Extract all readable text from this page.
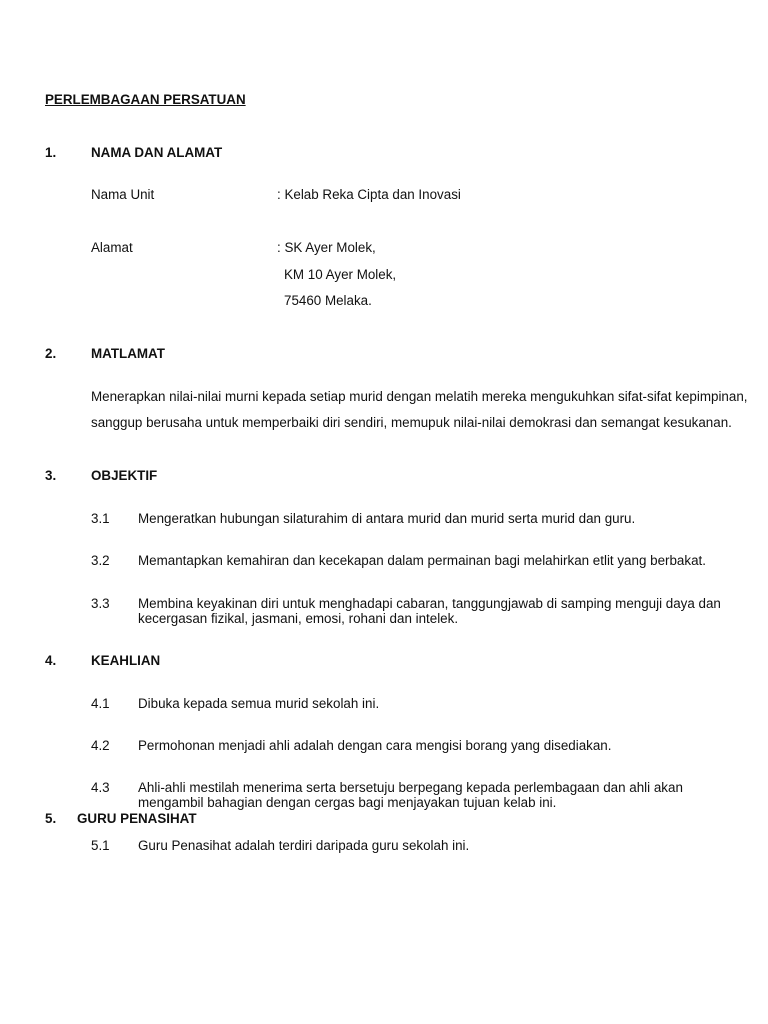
PERLEMBAGAAN PERSATUAN
1.	NAMA DAN ALAMAT
Nama Unit	: Kelab Reka Cipta dan Inovasi
Alamat	: SK Ayer Molek,
KM 10 Ayer Molek,
75460 Melaka.
2.	MATLAMAT
Menerapkan nilai-nilai murni kepada setiap murid dengan melatih mereka mengukuhkan sifat-sifat kepimpinan,
sanggup berusaha untuk memperbaiki diri sendiri, memupuk nilai-nilai demokrasi dan semangat kesukanan.
3.	OBJEKTIF
3.1 Mengeratkan hubungan silaturahim di antara murid dan murid serta murid dan guru.
3.2 Memantapkan kemahiran dan kecekapan dalam permainan bagi melahirkan etlit yang berbakat.
3.3 Membina keyakinan diri untuk menghadapi cabaran, tanggungjawab di samping menguji daya dan
kecergasan fizikal, jasmani, emosi, rohani dan intelek.
4.	KEAHLIAN
4.1 Dibuka kepada semua murid sekolah ini.
4.2 Permohonan menjadi ahli adalah dengan cara mengisi borang yang disediakan.
4.3 Ahli-ahli mestilah menerima serta bersetuju berpegang kepada perlembagaan dan ahli akan
mengambil bahagian dengan cergas bagi menjayakan tujuan kelab ini.
5. GURU PENASIHAT
5.1 Guru Penasihat adalah terdiri daripada guru sekolah ini.
